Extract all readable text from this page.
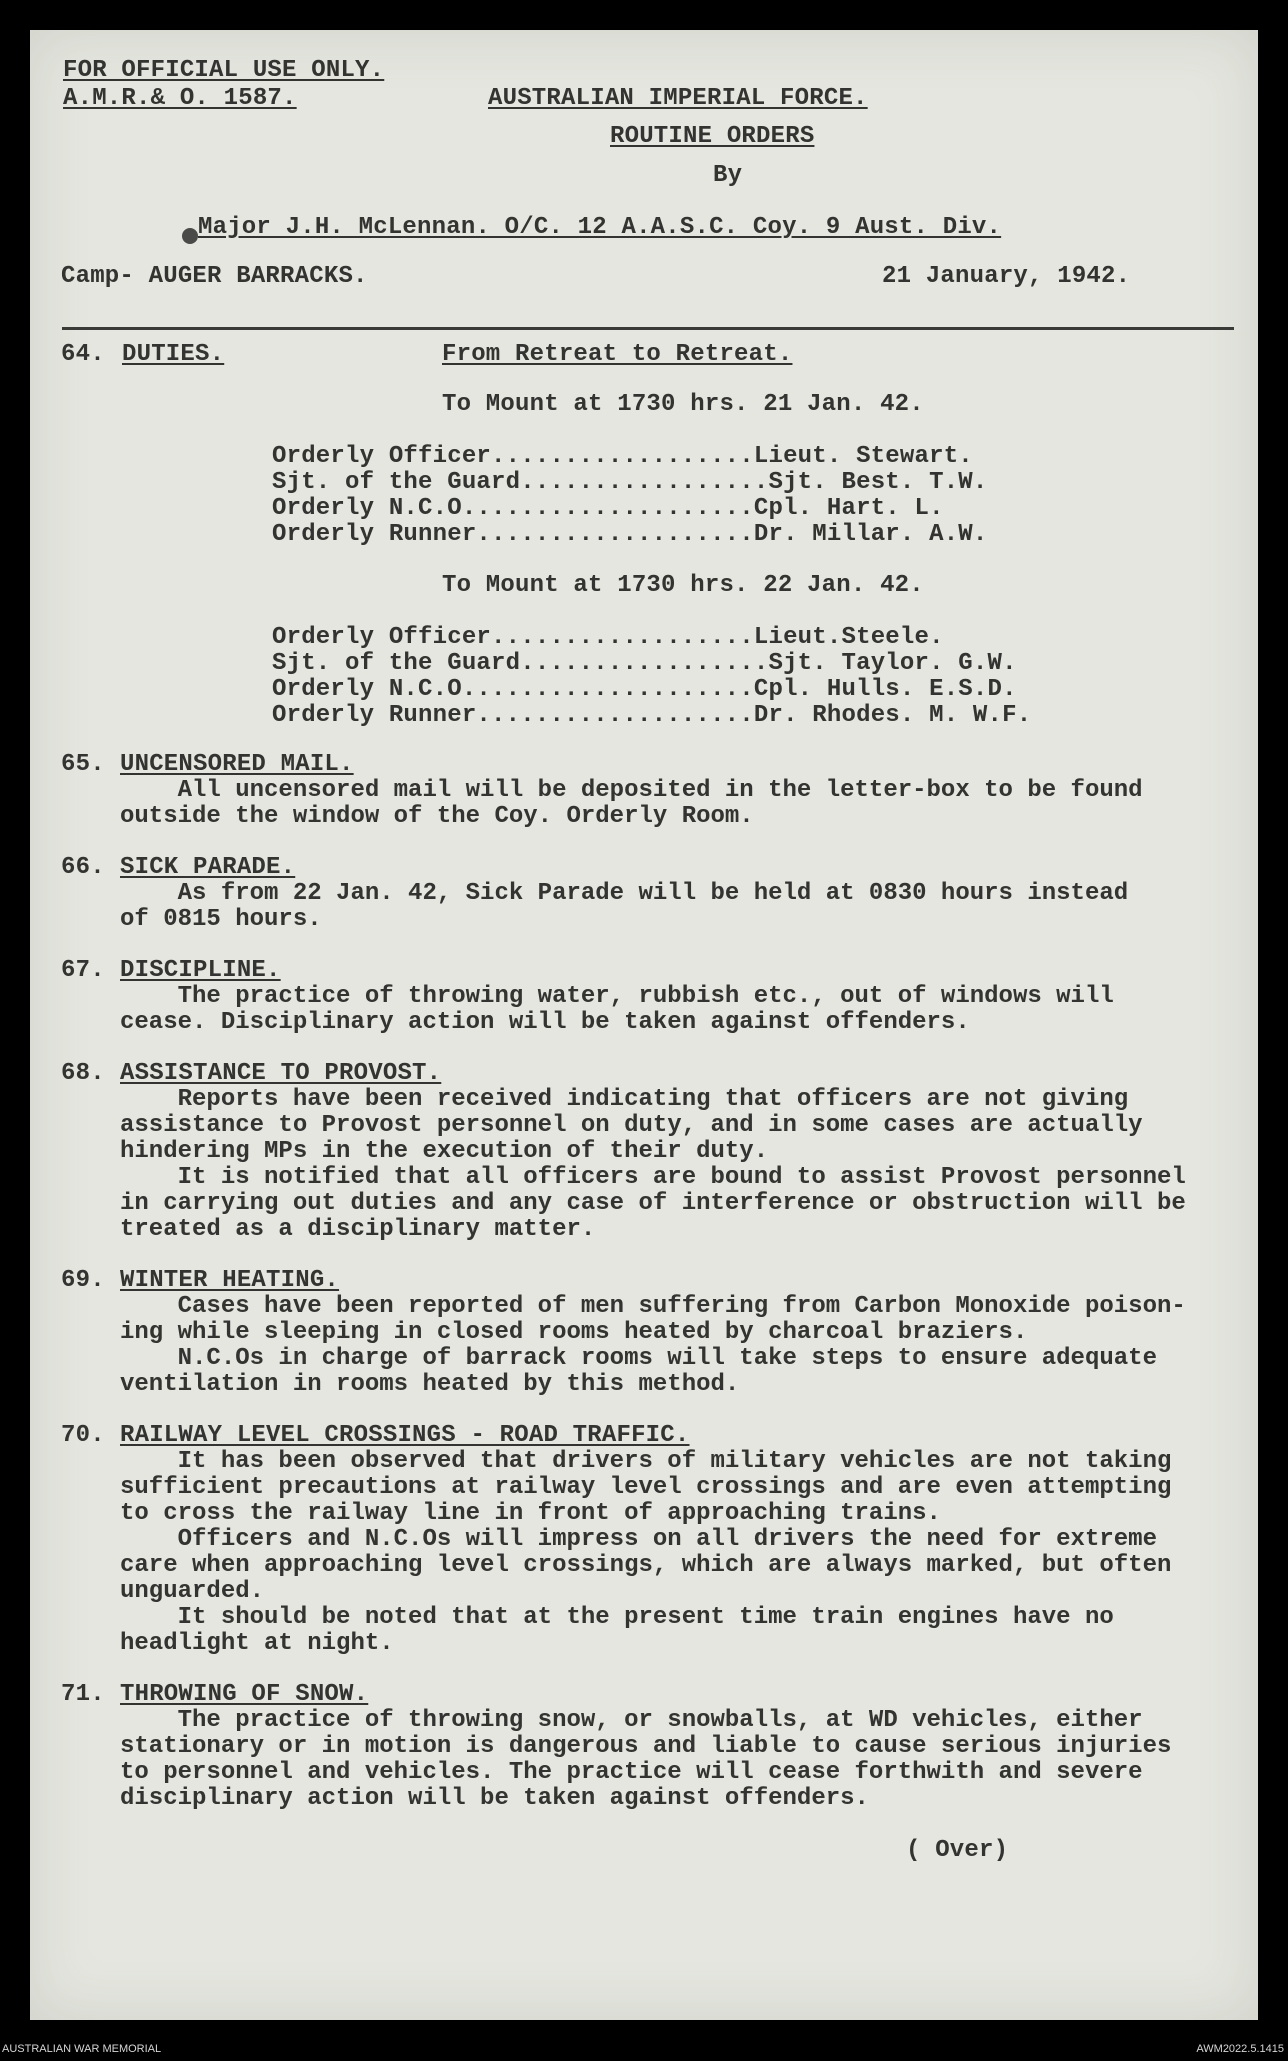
FOR OFFICIAL USE ONLY.
A.M.R.& O. 1587.	AUSTRALIAN IMPERIAL FORCE.
ROUTINE ORDERS
By
Major J.H. McLennan. O/C. 12 A.A.S.C. Coy. 9 Aust. Div.
Camp- AUGER BARRACKS.	21 January, 1942.
64. DUTIES.	From Retreat to Retreat.
To Mount at 1730 hrs. 21 Jan. 42.
Orderly Officer..................Lieut. Stewart.
Sjt. of the Guard.................Sjt. Best. T.W.
Orderly N.C.O....................Cpl. Hart. L.
Orderly Runner...................Dr. Millar. A.W.
To Mount at 1730 hrs. 22 Jan. 42.
Orderly Officer..................Lieut.Steele.
Sjt. of the Guard.................Sjt. Taylor. G.W.
Orderly N.C.O....................Cpl. Hulls. E.S.D.
Orderly Runner...................Dr. Rhodes. M. W.F.
65. UNCENSORED MAIL.
All uncensored mail will be deposited in the letter-box to be found
outside the window of the Coy. Orderly Room.
66. SICK PARADE.
As from 22 Jan. 42, Sick Parade will be held at 0830 hours instead
of 0815 hours.
67. DISCIPLINE.
The practice of throwing water, rubbish etc., out of windows will
cease. Disciplinary action will be taken against offenders.
68. ASSISTANCE TO PROVOST.
Reports have been received indicating that officers are not giving
assistance to Provost personnel on duty, and in some cases are actually
hindering MPs in the execution of their duty.
It is notified that all officers are bound to assist Provost personnel
in carrying out duties and any case of interference or obstruction will be
treated as a disciplinary matter.
69. WINTER HEATING.
Cases have been reported of men suffering from Carbon Monoxide poison-
ing while sleeping in closed rooms heated by charcoal braziers.
N.C.Os in charge of barrack rooms will take steps to ensure adequate
ventilation in rooms heated by this method.
70. RAILWAY LEVEL CROSSINGS - ROAD TRAFFIC.
It has been observed that drivers of military vehicles are not taking
sufficient precautions at railway level crossings and are even attempting
to cross the railway line in front of approaching trains.
Officers and N.C.Os will impress on all drivers the need for extreme
care when approaching level crossings, which are always marked, but often
unguarded.
It should be noted that at the present time train engines have no
headlight at night.
71. THROWING OF SNOW.
The practice of throwing snow, or snowballs, at WD vehicles, either
stationary or in motion is dangerous and liable to cause serious injuries
to personnel and vehicles. The practice will cease forthwith and severe
disciplinary action will be taken against offenders.
( Over)
AUSTRALIAN WAR MEMORIAL	AWM2022.5.1415
